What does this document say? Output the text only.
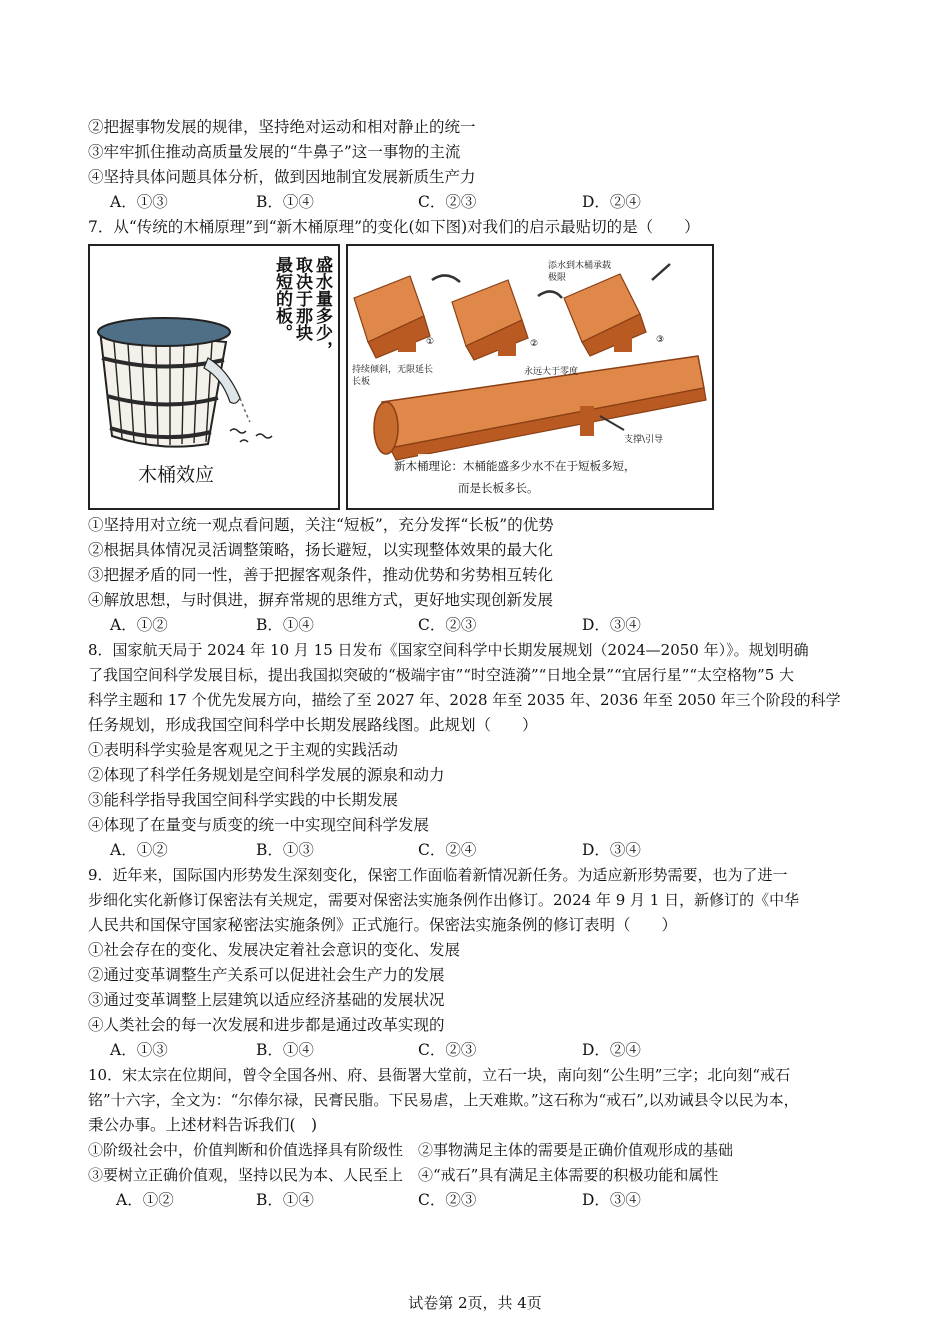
②把握事物发展的规律，坚持绝对运动和相对静止的统一
③牢牢抓住推动高质量发展的“牛鼻子”这一事物的主流
④坚持具体问题具体分析，做到因地制宜发展新质生产力
A．①③	B．①④	C．②③	D．②④
7．从“传统的木桶原理”到“新木桶原理”的变化(如下图)对我们的启示最贴切的是（　　）
木桶效应
盛水量多少，
取决于那块
最短的板。
①	②	③
添水到木桶承载极限
持续倾斜，无限延长长板
永远大于零度
支撑\引导
新木桶理论：木桶能盛多少水不在于短板多短，
而是长板多长。
①坚持用对立统一观点看问题，关注“短板”，充分发挥“长板”的优势
②根据具体情况灵活调整策略，扬长避短，以实现整体效果的最大化
③把握矛盾的同一性，善于把握客观条件，推动优势和劣势相互转化
④解放思想，与时俱进，摒弃常规的思维方式，更好地实现创新发展
A．①②	B．①④	C．②③	D．③④
8．国家航天局于 2024 年 10 月 15 日发布《国家空间科学中长期发展规划（2024—2050 年）》。规划明确
了我国空间科学发展目标，提出我国拟突破的“极端宇宙”“时空涟漪”“日地全景”“宜居行星”“太空格物”5 大
科学主题和 17 个优先发展方向，描绘了至 2027 年、2028 年至 2035 年、2036 年至 2050 年三个阶段的科学
任务规划，形成我国空间科学中长期发展路线图。此规划（　　）
①表明科学实验是客观见之于主观的实践活动
②体现了科学任务规划是空间科学发展的源泉和动力
③能科学指导我国空间科学实践的中长期发展
④体现了在量变与质变的统一中实现空间科学发展
A．①②	B．①③	C．②④	D．③④
9．近年来，国际国内形势发生深刻变化，保密工作面临着新情况新任务。为适应新形势需要，也为了进一
步细化实化新修订保密法有关规定，需要对保密法实施条例作出修订。2024 年 9 月 1 日，新修订的《中华
人民共和国保守国家秘密法实施条例》正式施行。保密法实施条例的修订表明（　　）
①社会存在的变化、发展决定着社会意识的变化、发展
②通过变革调整生产关系可以促进社会生产力的发展
③通过变革调整上层建筑以适应经济基础的发展状况
④人类社会的每一次发展和进步都是通过改革实现的
A．①③	B．①④	C．②③	D．②④
10．宋太宗在位期间，曾令全国各州、府、县衙署大堂前，立石一块，南向刻“公生明”三字；北向刻“戒石
铭”十六字，全文为：“尔俸尔禄，民膏民脂。下民易虐，上天难欺。”这石称为“戒石”,以劝诫县令以民为本，
秉公办事。上述材料告诉我们(　)
①阶级社会中，价值判断和价值选择具有阶级性　②事物满足主体的需要是正确价值观形成的基础
③要树立正确价值观，坚持以民为本、人民至上　④“戒石”具有满足主体需要的积极功能和属性
A．①②	B．①④	C．②③	D．③④
试卷第 2页，共 4页
